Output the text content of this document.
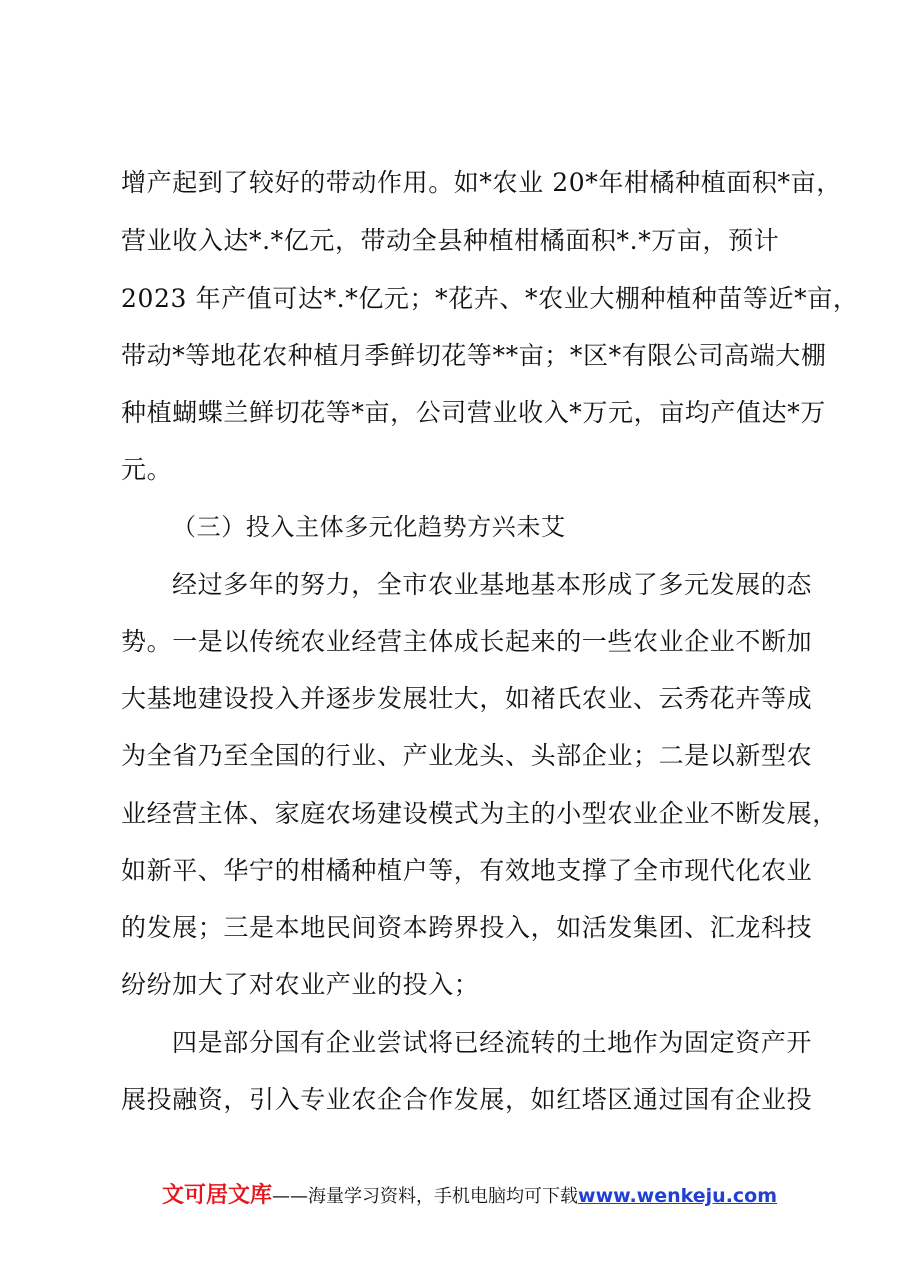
增产起到了较好的带动作用。如*农业 20*年柑橘种植面积*亩，
营业收入达*.*亿元，带动全县种植柑橘面积*.*万亩，预计
2023 年产值可达*.*亿元；*花卉、*农业大棚种植种苗等近*亩，
带动*等地花农种植月季鲜切花等**亩；*区*有限公司高端大棚
种植蝴蝶兰鲜切花等*亩，公司营业收入*万元，亩均产值达*万
元。
（三）投入主体多元化趋势方兴未艾
经过多年的努力，全市农业基地基本形成了多元发展的态
势。一是以传统农业经营主体成长起来的一些农业企业不断加
大基地建设投入并逐步发展壮大，如褚氏农业、云秀花卉等成
为全省乃至全国的行业、产业龙头、头部企业；二是以新型农
业经营主体、家庭农场建设模式为主的小型农业企业不断发展，
如新平、华宁的柑橘种植户等，有效地支撑了全市现代化农业
的发展；三是本地民间资本跨界投入，如活发集团、汇龙科技
纷纷加大了对农业产业的投入；
四是部分国有企业尝试将已经流转的土地作为固定资产开
展投融资，引入专业农企合作发展，如红塔区通过国有企业投
文可居文库——海量学习资料，手机电脑均可下载www.wenkeju.com
